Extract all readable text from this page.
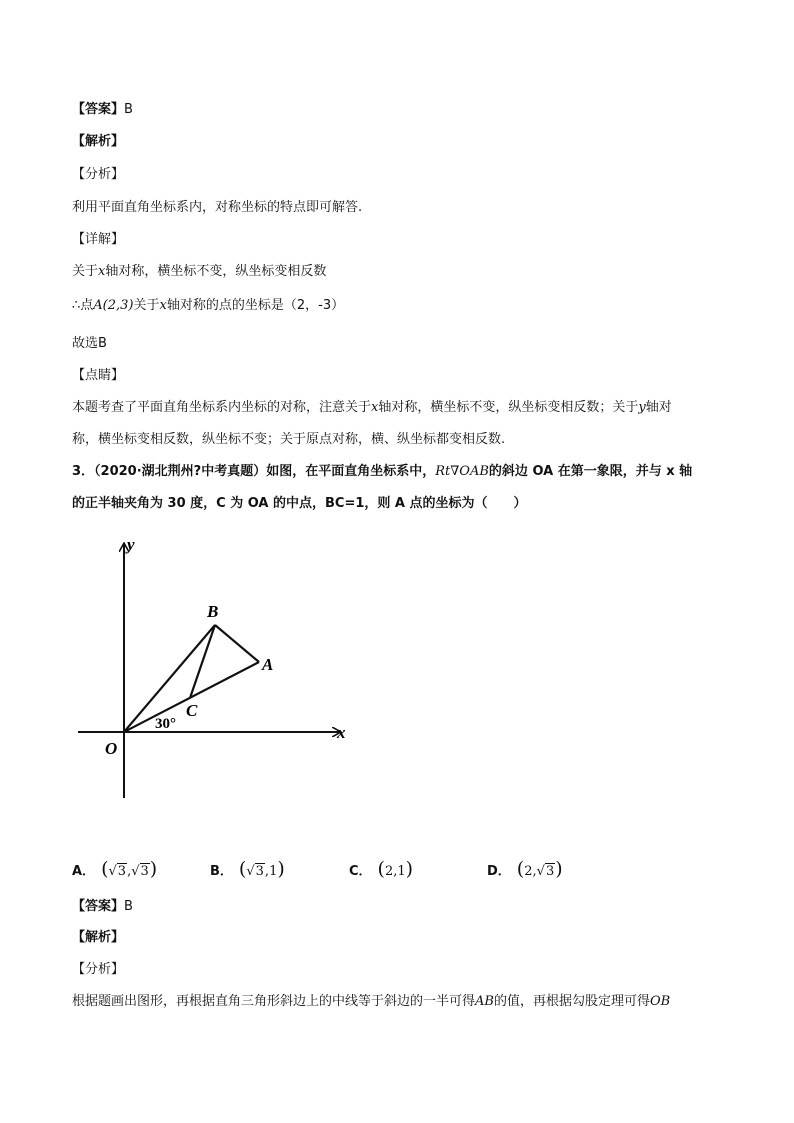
【答案】B
【解析】
【分析】
利用平面直角坐标系内，对称坐标的特点即可解答.
【详解】
关于x轴对称，横坐标不变，纵坐标变相反数
∴点A(2,3)关于x轴对称的点的坐标是（2，-3）
故选B
【点睛】
本题考查了平面直角坐标系内坐标的对称，注意关于x轴对称，横坐标不变，纵坐标变相反数；关于y轴对
称，横坐标变相反数，纵坐标不变；关于原点对称，横、纵坐标都变相反数.
3．（2020·湖北荆州?中考真题）如图，在平面直角坐标系中，Rt∇OAB的斜边 OA 在第一象限，并与 x 轴
的正半轴夹角为 30 度，C 为 OA 的中点，BC=1，则 A 点的坐标为（　　）
y
x
B
A
C
O
30°
A． (√3,√3)	B． (√3,1)	C． (2,1)	D． (2,√3)
【答案】B
【解析】
【分析】
根据题画出图形，再根据直角三角形斜边上的中线等于斜边的一半可得AB的值，再根据勾股定理可得OB
